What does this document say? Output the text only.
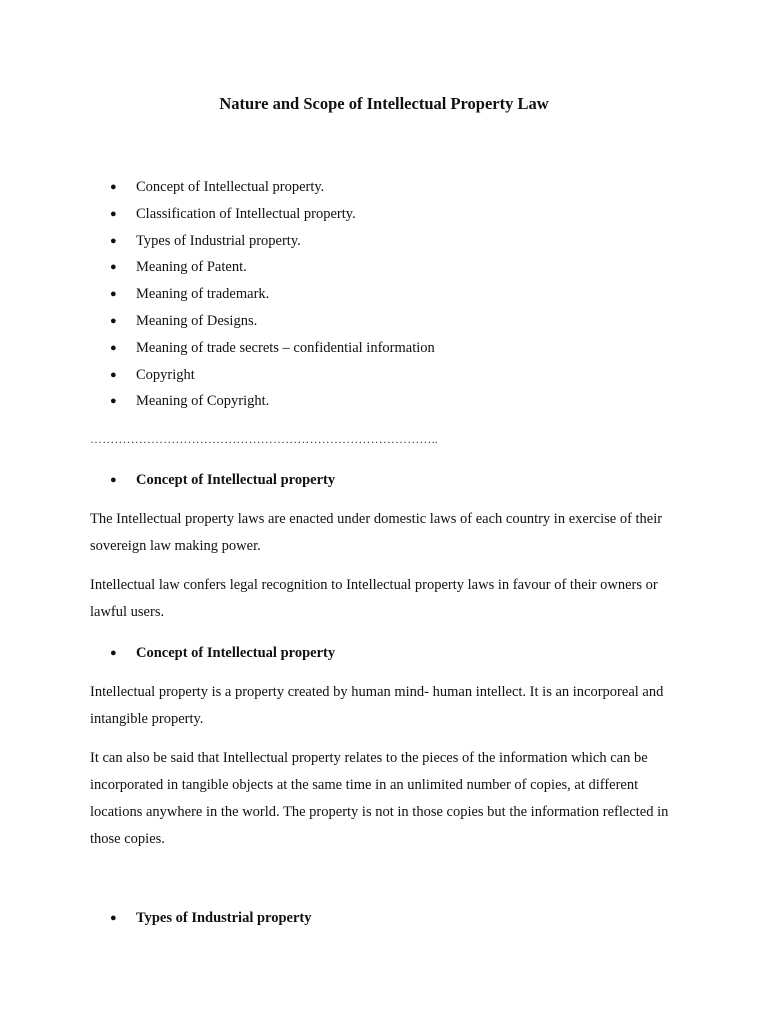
Nature and Scope of Intellectual Property Law
●	Concept of Intellectual property.
●	Classification of Intellectual property.
●	Types of Industrial property.
●	Meaning of Patent.
●	Meaning of trademark.
●	Meaning of Designs.
●	Meaning of trade secrets – confidential information
●	Copyright
●	Meaning of Copyright.
…………………………………………………………………………..
●	Concept of Intellectual property

The Intellectual property laws are enacted under domestic laws of each country in exercise of their sovereign law making power.

Intellectual law confers legal recognition to Intellectual property laws in favour of their owners or lawful users.

●	Concept of Intellectual property

Intellectual property is a property created by human mind- human intellect. It is an incorporeal and intangible property.

It can also be said that Intellectual property relates to the pieces of the information which can be incorporated in tangible objects at the same time in an unlimited number of copies, at different locations anywhere in the world. The property is not in those copies but the information reflected in those copies.

●	Types of Industrial property
